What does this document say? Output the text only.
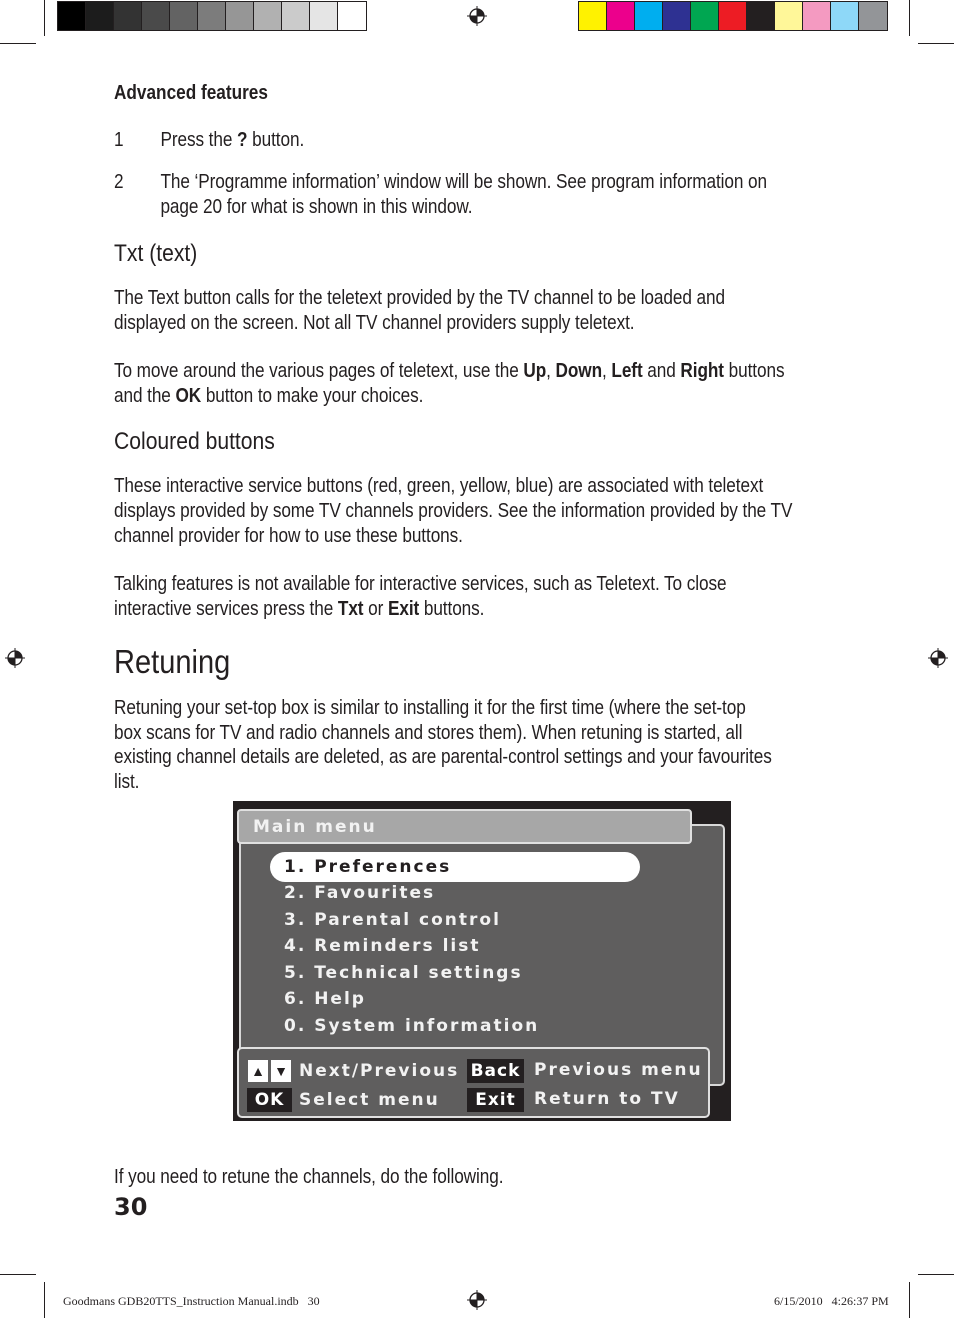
Advanced features
1 Press the ? button.
2 The ‘Programme information’ window will be shown. See program information on
page 20 for what is shown in this window.
Txt (text)
The Text button calls for the teletext provided by the TV channel to be loaded and
displayed on the screen. Not all TV channel providers supply teletext.
To move around the various pages of teletext, use the Up, Down, Left and Right buttons
and the OK button to make your choices.
Coloured buttons
These interactive service buttons (red, green, yellow, blue) are associated with teletext
displays provided by some TV channels providers. See the information provided by the TV
channel provider for how to use these buttons.
Talking features is not available for interactive services, such as Teletext. To close
interactive services press the Txt or Exit buttons.
Retuning
Retuning your set-top box is similar to installing it for the first time (where the set-top
box scans for TV and radio channels and stores them). When retuning is started, all
existing channel details are deleted, as are parental-control settings and your favourites
list.
Main menu
1. Preferences
2. Favourites
3. Parental control
4. Reminders list
5. Technical settings
6. Help
0. System information
▲ ▼ Next/Previous
OK Select menu
Back Previous menu
Exit	Return to TV
If you need to retune the channels, do the following.
30
Goodmans GDB20TTS_Instruction Manual.indb   30	6/15/2010   4:26:37 PM
